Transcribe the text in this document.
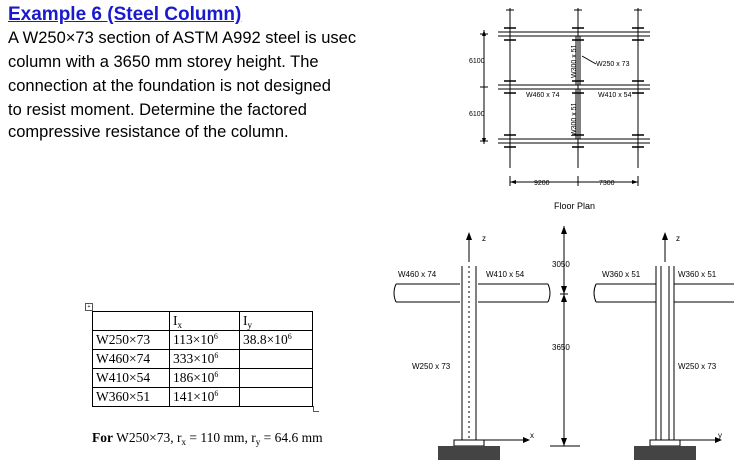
Example 6 (Steel Column)
A W250×73 section of ASTM A992 steel is usec
column with a 3650 mm storey height. The
connection at the foundation is not designed
to resist moment. Determine the factored
compressive resistance of the column.
+
	$I_x$	$I_y$
W250×73	$113\times 10^6$	$38.8\times 10^6$
W460×74	$333\times 10^6$	
W410×54	$186\times 10^6$	
W360×51	$141\times 10^6$	
For W250×73, $r_x = 110$ mm, $r_y = 64.6$ mm
6100
6100
9200	7300
W250 x 73
W460 x 74	W410 x 54
W300 x 51
W300 x 51
Floor Plan
W460 x 74	W410 x 54
W250 x 73
z
x
3050
3650
W360 x 51	W360 x 51
W250 x 73
z
y
